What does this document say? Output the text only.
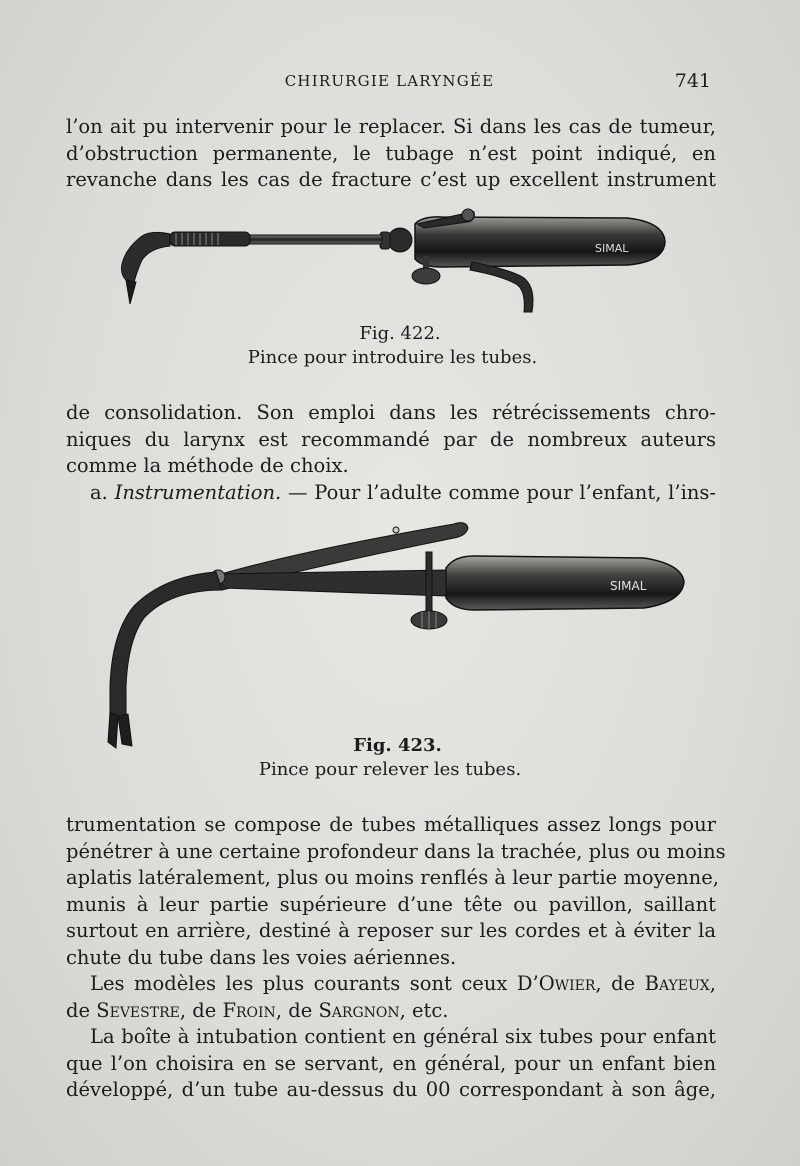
CHIRURGIE LARYNGÉE	741

l’on ait pu intervenir pour le replacer. Si dans les cas de tumeur,
d’obstruction permanente, le tubage n’est point indiqué, en
revanche dans les cas de fracture c’est up excellent instrument

SIMAL
Fig. 422.
Pince pour introduire les tubes.

de consolidation. Son emploi dans les rétrécissements chro-
niques du larynx est recommandé par de nombreux auteurs
comme la méthode de choix.
a. Instrumentation. — Pour l’adulte comme pour l’enfant, l’ins-

SIMAL
Fig. 423.
Pince pour relever les tubes.

trumentation se compose de tubes métalliques assez longs pour
pénétrer à une certaine profondeur dans la trachée, plus ou moins
aplatis latéralement, plus ou moins renflés à leur partie moyenne,
munis à leur partie supérieure d’une tête ou pavillon, saillant
surtout en arrière, destiné à reposer sur les cordes et à éviter la
chute du tube dans les voies aériennes.

Les modèles les plus courants sont ceux D’Owier, de Bayeux,
de Sevestre, de Froin, de Sargnon, etc.

La boîte à intubation contient en général six tubes pour enfant
que l’on choisira en se servant, en général, pour un enfant bien
développé, d’un tube au-dessus du 00 correspondant à son âge,
